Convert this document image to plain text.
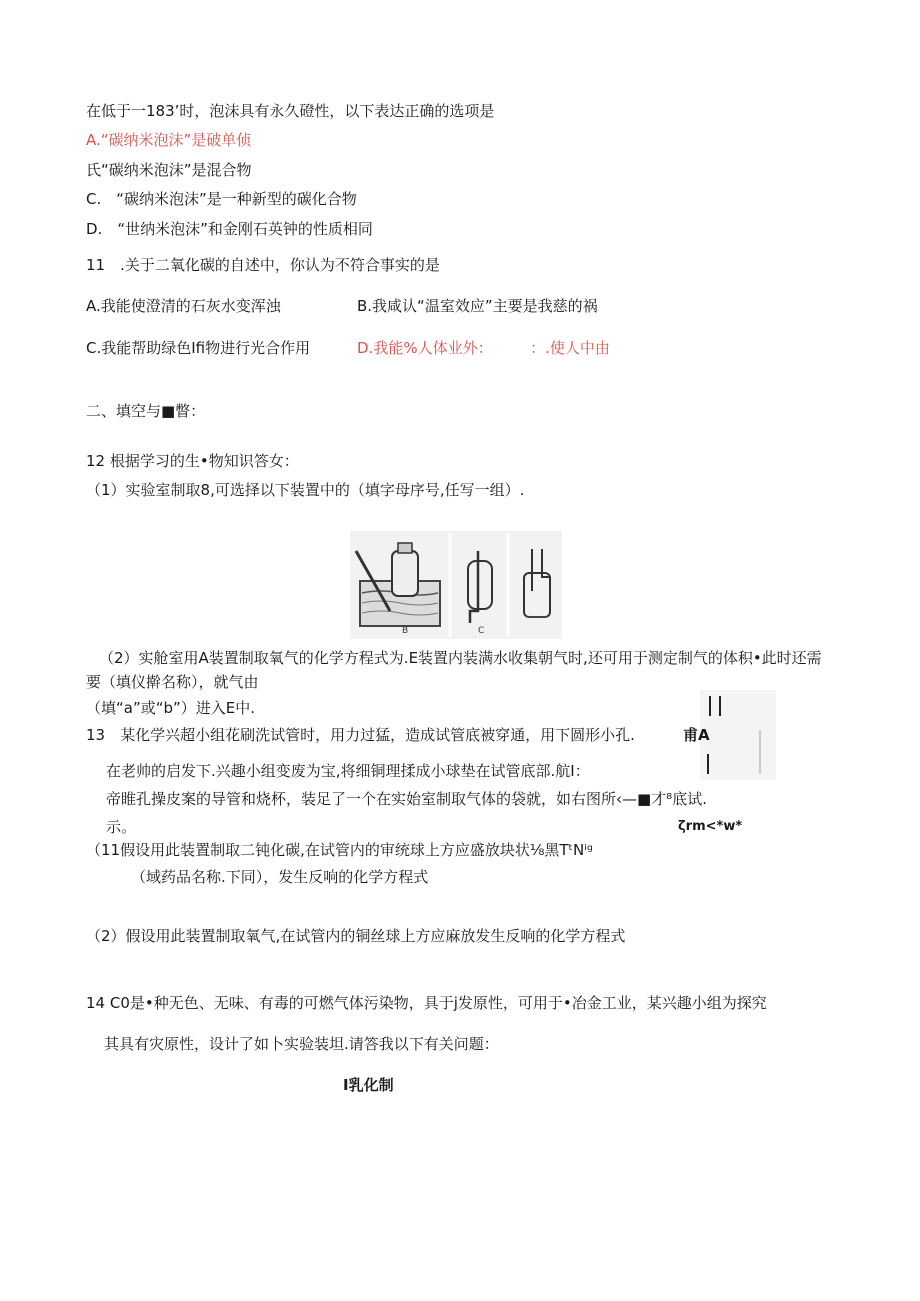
在低于一183’时，泡沫具有永久磴性，以下表达正确的选项是
A.“碳纳米泡沫”是破单侦
氏“碳纳米泡沫”是混合物
C.　“碳纳米泡沫”是一种新型的碳化合物
D.　“世纳米泡沫”和金刚石英钟的性质相同
11　.关于二氧化碳的自述中，你认为不符合事实的是
A.我能使澄清的石灰水变浑浊	B.我咸认“温室效应”主要是我慈的祸
C.我能帮助绿色Ifi物进行光合作用	D.我能%人体业外：　　　：.使人中由
二、填空与■瞥：
12 根据学习的生•物知识答女：
（1）实验室制取8,可选择以下装置中的（填字母序号,任写一组）.
B	C
（2）实舱室用A装置制取氧气的化学方程式为.E装置内装满水收集朝气时,还可用于测定制气的体积•此时还需
要（填仪擀名称），就气由
（填“a”或“b”）进入E中.
13　某化学兴超小组花刷洗试管时，用力过猛，造成试管底被穿通，用下圆形小孔.
在老帅的启发下.兴趣小组变废为宝,将细铜理揉成小球垫在试管底部.航I：
帝睢孔操皮案的导管和烧杯，装足了一个在实始室制取气体的袋就，如右图所‹—■才⁸底试.
示。
甫A
ζrm<*w*
（11假设用此装置制取二钝化碳,在试管内的审统球上方应盛放块状⅛黑TᵗNⁱᵍ
（域药品名称.下同），发生反响的化学方程式
（2）假设用此装置制取氧气,在试管内的铜丝球上方应麻放发生反响的化学方程式
14 C0是•种无色、无味、有毒的可燃气体污染物，具于j发原性，可用于•冶金工业，某兴趣小组为探究
其具有灾原性，设计了如卜实验装坦.请答我以下有关问题：
一氧化碳
澄石灰水
A	B
C
I乳化制
